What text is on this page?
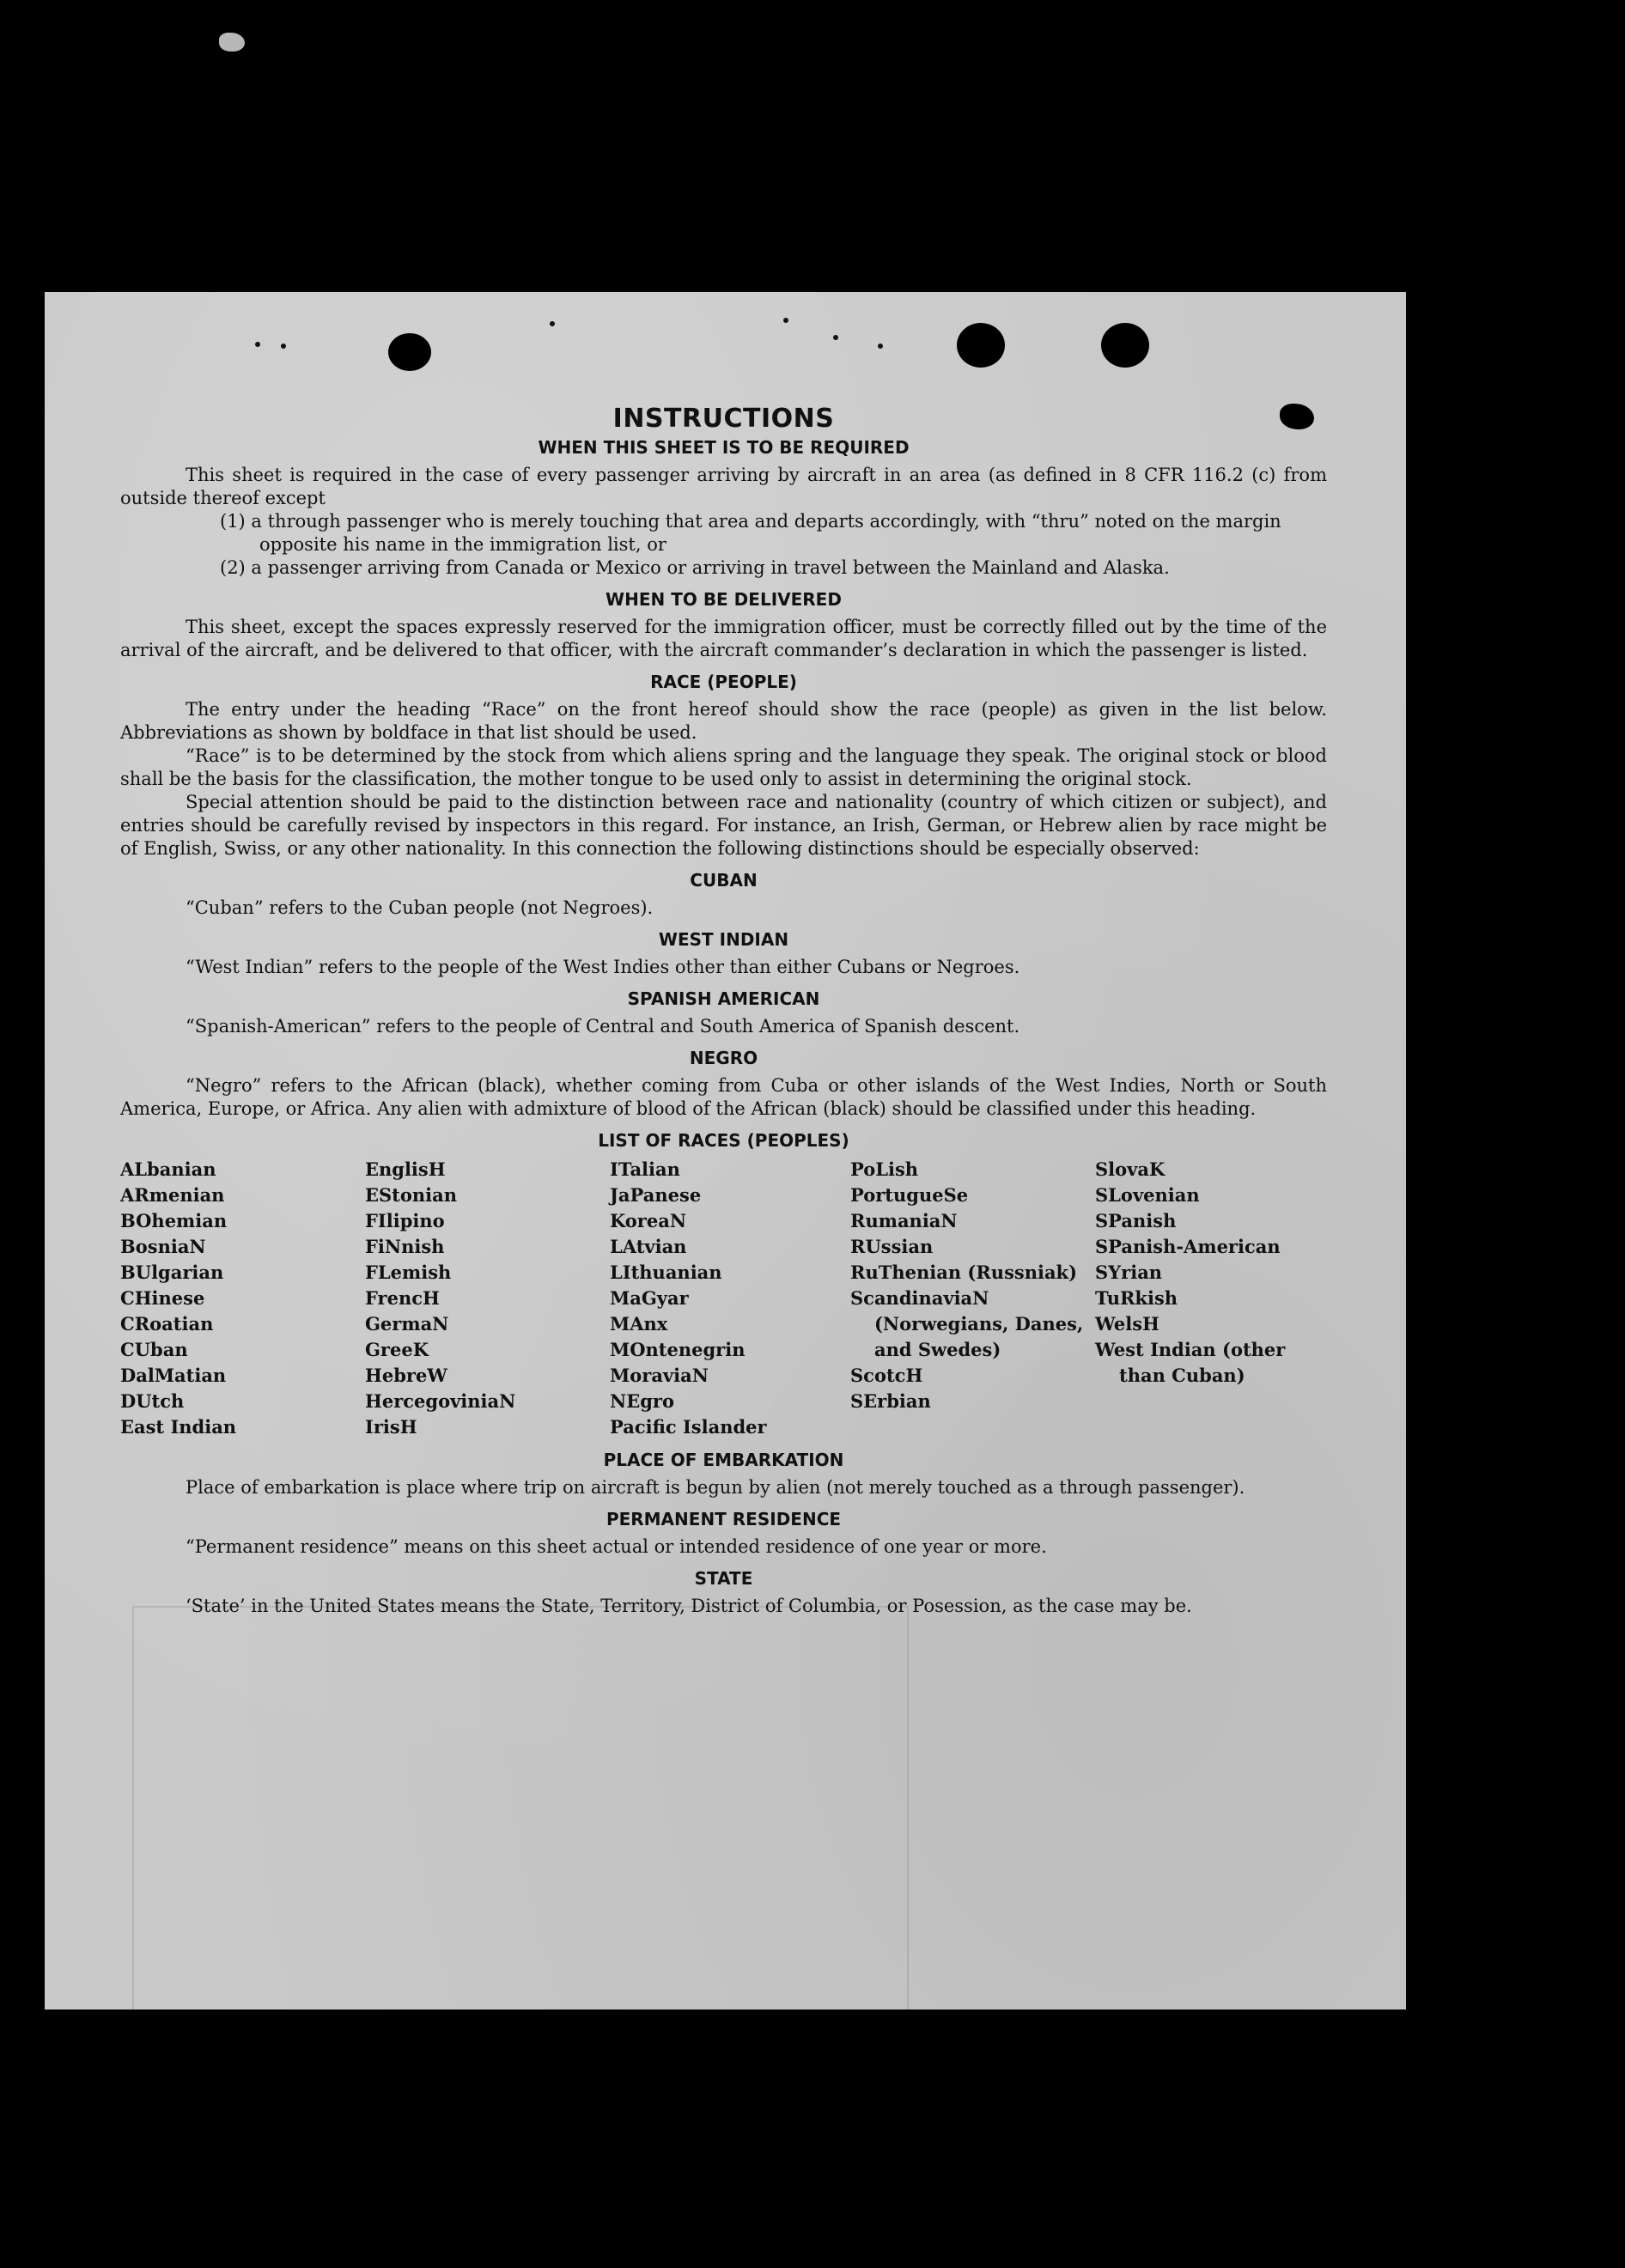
INSTRUCTIONS
WHEN THIS SHEET IS TO BE REQUIRED

This sheet is required in the case of every passenger arriving by aircraft in an area (as defined in 8 CFR 116.2 (c) from outside thereof except

(1) a through passenger who is merely touching that area and departs accordingly, with “thru” noted on the margin opposite his name in the immigration list, or
(2) a passenger arriving from Canada or Mexico or arriving in travel between the Mainland and Alaska.
WHEN TO BE DELIVERED

This sheet, except the spaces expressly reserved for the immigration officer, must be correctly filled out by the time of the arrival of the aircraft, and be delivered to that officer, with the aircraft commander’s declaration in which the passenger is listed.

RACE (PEOPLE)

The entry under the heading “Race” on the front hereof should show the race (people) as given in the list below. Abbreviations as shown by boldface in that list should be used.

“Race” is to be determined by the stock from which aliens spring and the language they speak. The original stock or blood shall be the basis for the classification, the mother tongue to be used only to assist in determining the original stock.

Special attention should be paid to the distinction between race and nationality (country of which citizen or subject), and entries should be carefully revised by inspectors in this regard. For instance, an Irish, German, or Hebrew alien by race might be of English, Swiss, or any other nationality. In this connection the following distinctions should be especially observed:

CUBAN

“Cuban” refers to the Cuban people (not Negroes).

WEST INDIAN

“West Indian” refers to the people of the West Indies other than either Cubans or Negroes.

SPANISH AMERICAN

“Spanish-American” refers to the people of Central and South America of Spanish descent.

NEGRO

“Negro” refers to the African (black), whether coming from Cuba or other islands of the West Indies, North or South America, Europe, or Africa. Any alien with admixture of blood of the African (black) should be classified under this heading.

LIST OF RACES (PEOPLES)
ALbanian
ARmenian
BOhemian
BosniaN
BUlgarian
CHinese
CRoatian
CUban
DalMatian
DUtch
East Indian
EnglisH
EStonian
FIlipino
FiNnish
FLemish
FrencH
GermaN
GreeK
HebreW
HercegoviniaN
IrisH
ITalian
JaPanese
KoreaN
LAtvian
LIthuanian
MaGyar
MAnx
MOntenegrin
MoraviaN
NEgro
Pacific Islander
PoLish
PortugueSe
RumaniaN
RUssian
RuThenian (Russniak)
ScandinaviaN (Norwegians, Danes, and Swedes)
ScotcH
SErbian
SlovaK
SLovenian
SPanish
SPanish-American
SYrian
TuRkish
WelsH
West Indian (other than Cuban)
PLACE OF EMBARKATION

Place of embarkation is place where trip on aircraft is begun by alien (not merely touched as a through passenger).

PERMANENT RESIDENCE

“Permanent residence” means on this sheet actual or intended residence of one year or more.

STATE

‘State’ in the United States means the State, Territory, District of Columbia, or Posession, as the case may be.
